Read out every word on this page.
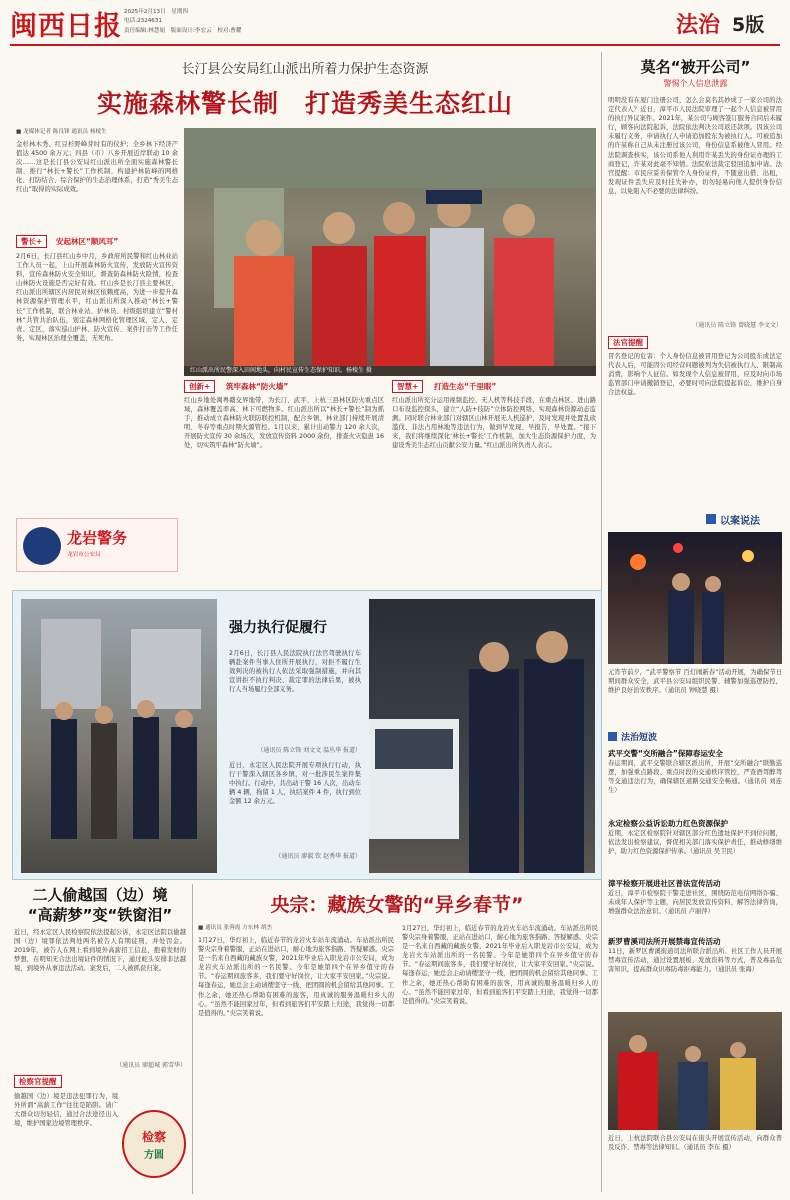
闽西日报 2025年2月13日　星期四
电话:2324631
责任编辑:林慧娟　版面设计:李宏云　校对:曹耀	法治 5版
长汀县公安局红山派出所着力保护生态资源
实施森林警长制　打造秀美生态红山
■ 龙媒体记者 陈良锋 通讯员 杨棱生
金杉林木秀、红豆杉野峰芽时有的仪护；全乡林下经济产值达 4500 余万元；四县（市）八乡开展近岸联动 10 余次……这是长汀县公安局红山派出所全面实施森林警长制、推行“林长+警长”工作机制、构建护林防峰的网格化、打防结合、综合保护的生态治理体系，打造“秀美生态红山”取得的实际成效。
红山派出所民警深入田间地头，向村民宣传生态保护知识。杨棱生 摄
警长+	安起林区“顺风耳”
2月6日，长汀县红山乡中月，乡政府所民警和红山林业站工作人员一起，上山开展森林防火宣传，发放防火宣传资料，宣传森林防火安全知识，督查防森林防火险情，检查山林防火设施是否完好有效。红山乡是长汀县主要林区，红山派出所辖区内居民对林区依赖度高，为进一步提升森林资源保护管理水平，红山派出所深入推动“林长+警长”工作机制，联合林业站、护林员、村级组织建立“警村林”共管共治队伍，划定森林网格化管理区域，定人、定责、定区，落实巡山护林、防火宣传、案件打击等工作任务，实现林区治理全覆盖、无死角。
龙岩警务
龙岩市公安局
创新+	筑牢森林“防火墙”
红山乡地处闽粤赣交界地带，为长汀、武平、上杭三县林区防火重点区域，森林覆盖率高，林下可燃物多。红山派出所以“林长+警长”制为抓手，推动成立森林防火联防联控机制，配合乡镇、林业部门持续开展清明、冬春等重点时期火源管控。1月以来，累计出动警力 120 余人次，开展防火宣传 30 余场次，发放宣传资料 2000 余份，排查火灾隐患 16 处，切实筑牢森林“防火墙”。
智慧+	打造生态“千里眼”
红山派出所充分运用视频监控、无人机等科技手段，在重点林区、进山路口布设监控探头，建立“人防+技防”立体防控网络，实现森林资源动态监测。同时联合林业部门对辖区山林开展无人机巡护，及时发现并处置乱砍滥伐、非法占用林地等违法行为，做到早发现、早报告、早处置。“接下来，我们将继续深化‘林长+警长’工作机制，加大生态资源保护力度，为建设秀美生态红山贡献公安力量。”红山派出所负责人表示。
莫名“被开公司”
警惕个人信息泄露
明明没有在厦门注册公司，怎么会莫名其妙成了一家公司的法定代表人？近日，漳平市人民法院审理了一起个人信息被冒用的执行异议案件。2021年，某公司与顾客签订服务合同后未履行，顾客向法院起诉，法院依法判决公司返还款项。因该公司未履行义务，申请执行人申请追加股东为被执行人。可被追加的许某称自己从未注册过该公司，身份信息系被他人冒用。经法院调查核实，该公司系他人利用许某丢失的身份证办理的工商登记，许某对此毫不知情。法院依法裁定驳回追加申请。法官提醒：市民应妥善保管个人身份证件，不随意出借、出租，发现证件丢失应及时挂失补办，切勿轻易向他人提供身份信息，以免陷入不必要的法律纠纷。
（通讯员 陈立锋 曾晓慧 李文文）
法官提醒
冒名登记的危害：个人身份信息被冒用登记为公司股东或法定代表人后，可能因公司经营问题被列为失信被执行人、限制高消费，影响个人征信。如发现个人信息被冒用，应及时向市场监管部门申请撤销登记，必要时可向法院提起诉讼，维护自身合法权益。
以案说法
元宵节前夕，“武平警察节 百灯闹新春”活动开展，为确保节日期间群众安全，武平县公安局组织民警、辅警加强巡逻防控，维护良好治安秩序。（通讯员 钟晓慧 摄）
法治短波
武平交警“交所融合”保障春运安全
春运期间，武平交警联合辖区派出所，开展“交所融合”联勤巡逻，加强重点路段、重点时段的交通秩序管控，严查酒驾醉驾等交通违法行为，确保辖区道路交通安全畅通。（通讯员 刘连生）
永定检察公益诉讼助力红色资源保护
近期，永定区检察院针对辖区部分红色遗址保护不到位问题，依法发出检察建议，督促相关部门落实保护责任，推动修缮维护，助力红色资源保护传承。（通讯员 吴卫民）
漳平检察开展进社区普法宣传活动
近日，漳平市检察院干警走进社区，围绕防范电信网络诈骗、未成年人保护等主题，向居民发放宣传资料、解答法律咨询，增强群众法治意识。（通讯员 卢丽萍）
新罗曹溪司法所开展禁毒宣传活动
11日，新罗区曹溪街道司法所联合派出所、社区工作人员开展禁毒宣传活动，通过设置展板、发放资料等方式，普及毒品危害知识，提高群众识毒防毒拒毒能力。（通讯员 张海）
近日，上杭法院联合县公安局在街头开展宣传活动，向群众普及反诈、禁毒等法律知识。（通讯员 李东 摄）
强力执行促履行
2月6日，长汀县人民法院执行法官驾驶执行车辆赴案件当事人住所开展执行，对拒不履行生效判决的被执行人依法采取强制措施，并向其宣讲拒不执行判决、裁定罪的法律后果，被执行人当场履行全部义务。
（通讯员 陈立锋 刘文文 温丛华 报道）
近日，永定区人民法院开展专项执行行动，执行干警深入辖区各乡镇，对一批涉民生案件集中执行。行动中，共出动干警 16 人次，出动车辆 4 辆，拘留 1 人，执结案件 4 件，执行到位金额 12 余万元。
（通讯员 廖淑 钦 赵秀华 报道）
二人偷越国（边）境
“高薪梦”变“铁窗泪”
近日，经永定区人民检察院依法提起公诉，永定区法院以偷越国（边）境罪依法判处两名被告人有期徒刑，并处罚金。2019年，被告人在网上看到境外高薪招工信息，抱着发财的梦想，在明知无合法出境证件的情况下，通过蛇头安排非法越境，到境外从事违法活动。案发后，二人被抓获归案。
（通讯员 廖超城 郭雪华）
检察官提醒
偷越国（边）境是违法犯罪行为，境外所谓“高薪工作”往往是陷阱。请广大群众切勿轻信，通过合法途径出入境，维护国家边境管理秩序。
检察
方圆
央宗：藏族女警的“异乡春节”
■ 通讯员 张蓉霞 方东林 胡杰
1月27日，华灯初上，临近春节的龙岩火车站车流涌动。车站派出所民警央宗身着警服，正站在进站口，耐心地为旅客指路、答疑解惑。央宗是一名来自西藏的藏族女警，2021年毕业后入职龙岩市公安局，成为龙岩火车站派出所的一名民警。今年是她第四个在异乡值守的春节。“春运期间旅客多，我们要守好岗位，让大家平安回家。”央宗说。每逢春运，她总会主动请缨坚守一线，把团圆的机会留给其他同事。工作之余，她还热心帮助有困难的旅客，用真诚的服务温暖归乡人的心。“虽然不能回家过年，但看到旅客们平安踏上归途，我觉得一切都是值得的。”央宗笑着说。
1月27日，华灯初上，临近春节的龙岩火车站车流涌动。车站派出所民警央宗身着警服，正站在进站口，耐心地为旅客指路、答疑解惑。央宗是一名来自西藏的藏族女警，2021年毕业后入职龙岩市公安局，成为龙岩火车站派出所的一名民警。今年是她第四个在异乡值守的春节。“春运期间旅客多，我们要守好岗位，让大家平安回家。”央宗说。每逢春运，她总会主动请缨坚守一线，把团圆的机会留给其他同事。工作之余，她还热心帮助有困难的旅客，用真诚的服务温暖归乡人的心。“虽然不能回家过年，但看到旅客们平安踏上归途，我觉得一切都是值得的。”央宗笑着说。
